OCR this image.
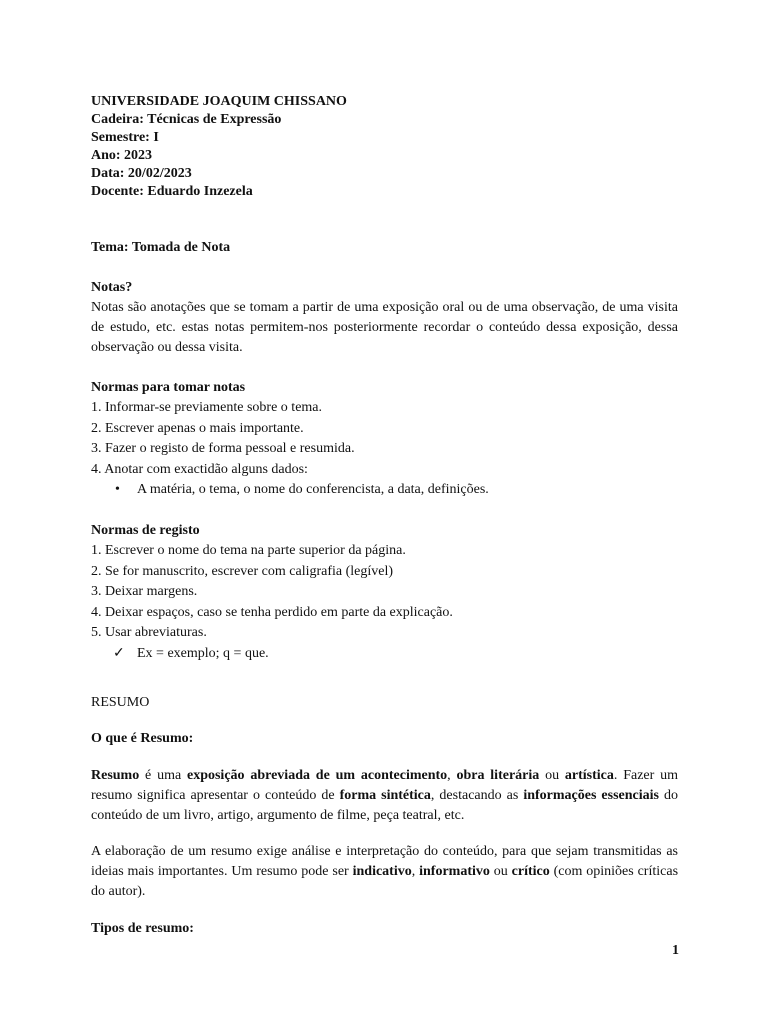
UNIVERSIDADE JOAQUIM CHISSANO
Cadeira: Técnicas de Expressão
Semestre: I
Ano: 2023
Data: 20/02/2023
Docente: Eduardo Inzezela
Tema: Tomada de Nota
Notas?

Notas são anotações que se tomam a partir de uma exposição oral ou de uma observação, de uma visita de estudo, etc. estas notas permitem-nos posteriormente recordar o conteúdo dessa exposição, dessa observação ou dessa visita.

Normas para tomar notas
1. Informar-se previamente sobre o tema.
2. Escrever apenas o mais importante.
3. Fazer o registo de forma pessoal e resumida.
4. Anotar com exactidão alguns dados:
• A matéria, o tema, o nome do conferencista, a data, definições.
Normas de registo
1. Escrever o nome do tema na parte superior da página.
2. Se for manuscrito, escrever com caligrafia (legível)
3. Deixar margens.
4. Deixar espaços, caso se tenha perdido em parte da explicação.
5. Usar abreviaturas.
✓ Ex = exemplo; q = que.
RESUMO
O que é Resumo:

Resumo é uma exposição abreviada de um acontecimento, obra literária ou artística. Fazer um resumo significa apresentar o conteúdo de forma sintética, destacando as informações essenciais do conteúdo de um livro, artigo, argumento de filme, peça teatral, etc.

A elaboração de um resumo exige análise e interpretação do conteúdo, para que sejam transmitidas as ideias mais importantes. Um resumo pode ser indicativo, informativo ou crítico (com opiniões críticas do autor).

Tipos de resumo:
1
